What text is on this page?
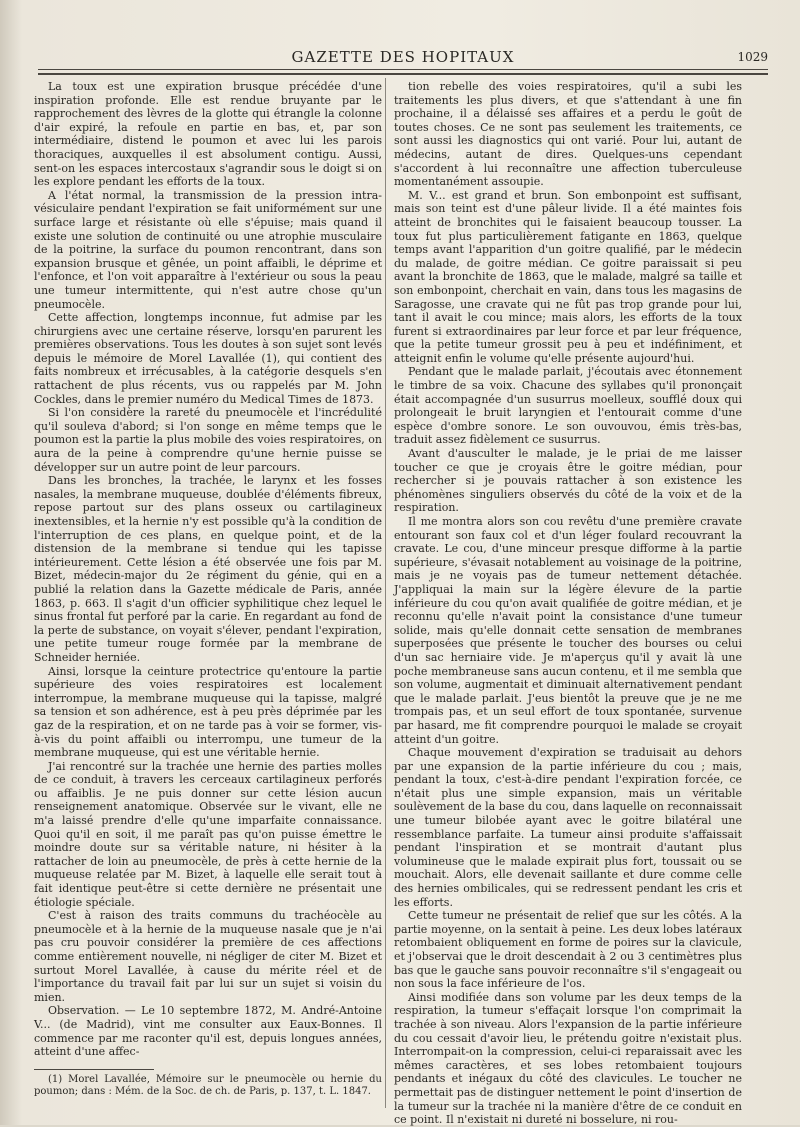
GAZETTE DES HOPITAUX	1029

La toux est une expiration brusque précédée d'une inspiration profonde. Elle est rendue bruyante par le rapprochement des lèvres de la glotte qui étrangle la colonne d'air expiré, la refoule en partie en bas, et, par son intermédiaire, distend le poumon et avec lui les parois thoraciques, auxquelles il est absolument contigu. Aussi, sent-on les espaces intercostaux s'agrandir sous le doigt si on les explore pendant les efforts de la toux.

A l'état normal, la transmission de la pression intra-vésiculaire pendant l'expiration se fait uniformément sur une surface large et résistante où elle s'épuise; mais quand il existe une solution de continuité ou une atrophie musculaire de la poitrine, la surface du poumon rencontrant, dans son expansion brusque et gênée, un point affaibli, le déprime et l'enfonce, et l'on voit apparaître à l'extérieur ou sous la peau une tumeur intermittente, qui n'est autre chose qu'un pneumocèle.

Cette affection, longtemps inconnue, fut admise par les chirurgiens avec une certaine réserve, lorsqu'en parurent les premières observations. Tous les doutes à son sujet sont levés depuis le mémoire de Morel Lavallée (1), qui contient des faits nombreux et irrécusables, à la catégorie desquels s'en rattachent de plus récents, vus ou rappelés par M. John Cockles, dans le premier numéro du Medical Times de 1873.

Si l'on considère la rareté du pneumocèle et l'incrédulité qu'il souleva d'abord; si l'on songe en même temps que le poumon est la partie la plus mobile des voies respiratoires, on aura de la peine à comprendre qu'une hernie puisse se développer sur un autre point de leur parcours.

Dans les bronches, la trachée, le larynx et les fosses nasales, la membrane muqueuse, doublée d'éléments fibreux, repose partout sur des plans osseux ou cartilagineux inextensibles, et la hernie n'y est possible qu'à la condition de l'interruption de ces plans, en quelque point, et de la distension de la membrane si tendue qui les tapisse intérieurement. Cette lésion a été observée une fois par M. Bizet, médecin-major du 2e régiment du génie, qui en a publié la relation dans la Gazette médicale de Paris, année 1863, p. 663. Il s'agit d'un officier syphilitique chez lequel le sinus frontal fut perforé par la carie. En regardant au fond de la perte de substance, on voyait s'élever, pendant l'expiration, une petite tumeur rouge formée par la membrane de Schneider herniée.

Ainsi, lorsque la ceinture protectrice qu'entoure la partie supérieure des voies respiratoires est localement interrompue, la membrane muqueuse qui la tapisse, malgré sa tension et son adhérence, est à peu près déprimée par les gaz de la respiration, et on ne tarde pas à voir se former, vis-à-vis du point affaibli ou interrompu, une tumeur de la membrane muqueuse, qui est une véritable hernie.

J'ai rencontré sur la trachée une hernie des parties molles de ce conduit, à travers les cerceaux cartilagineux perforés ou affaiblis. Je ne puis donner sur cette lésion aucun renseignement anatomique. Observée sur le vivant, elle ne m'a laissé prendre d'elle qu'une imparfaite connaissance. Quoi qu'il en soit, il me paraît pas qu'on puisse émettre le moindre doute sur sa véritable nature, ni hésiter à la rattacher de loin au pneumocèle, de près à cette hernie de la muqueuse relatée par M. Bizet, à laquelle elle serait tout à fait identique peut-être si cette dernière ne présentait une étiologie spéciale.

C'est à raison des traits communs du trachéocèle au pneumocèle et à la hernie de la muqueuse nasale que je n'ai pas cru pouvoir considérer la première de ces affections comme entièrement nouvelle, ni négliger de citer M. Bizet et surtout Morel Lavallée, à cause du mérite réel et de l'importance du travail fait par lui sur un sujet si voisin du mien.

Observation. — Le 10 septembre 1872, M. André-Antoine V... (de Madrid), vint me consulter aux Eaux-Bonnes. Il commence par me raconter qu'il est, depuis longues années, atteint d'une affec-

(1) Morel Lavallée, Mémoire sur le pneumocèle ou hernie du poumon; dans : Mém. de la Soc. de ch. de Paris, p. 137, t. L. 1847.

tion rebelle des voies respiratoires, qu'il a subi les traitements les plus divers, et que s'attendant à une fin prochaine, il a délaissé ses affaires et a perdu le goût de toutes choses. Ce ne sont pas seulement les traitements, ce sont aussi les diagnostics qui ont varié. Pour lui, autant de médecins, autant de dires. Quelques-uns cependant s'accordent à lui reconnaître une affection tuberculeuse momentanément assoupie.

M. V... est grand et brun. Son embonpoint est suffisant, mais son teint est d'une pâleur livide. Il a été maintes fois atteint de bronchites qui le faisaient beaucoup tousser. La toux fut plus particulièrement fatigante en 1863, quelque temps avant l'apparition d'un goitre qualifié, par le médecin du malade, de goitre médian. Ce goitre paraissait si peu avant la bronchite de 1863, que le malade, malgré sa taille et son embonpoint, cherchait en vain, dans tous les magasins de Saragosse, une cravate qui ne fût pas trop grande pour lui, tant il avait le cou mince; mais alors, les efforts de la toux furent si extraordinaires par leur force et par leur fréquence, que la petite tumeur grossit peu à peu et indéfiniment, et atteignit enfin le volume qu'elle présente aujourd'hui.

Pendant que le malade parlait, j'écoutais avec étonnement le timbre de sa voix. Chacune des syllabes qu'il prononçait était accompagnée d'un susurrus moelleux, soufflé doux qui prolongeait le bruit laryngien et l'entourait comme d'une espèce d'ombre sonore. Le son ouvouvou, émis très-bas, traduit assez fidèlement ce susurrus.

Avant d'ausculter le malade, je le priai de me laisser toucher ce que je croyais être le goitre médian, pour rechercher si je pouvais rattacher à son existence les phénomènes singuliers observés du côté de la voix et de la respiration.

Il me montra alors son cou revêtu d'une première cravate entourant son faux col et d'un léger foulard recouvrant la cravate. Le cou, d'une minceur presque difforme à la partie supérieure, s'évasait notablement au voisinage de la poitrine, mais je ne voyais pas de tumeur nettement détachée. J'appliquai la main sur la légère élevure de la partie inférieure du cou qu'on avait qualifiée de goitre médian, et je reconnu qu'elle n'avait point la consistance d'une tumeur solide, mais qu'elle donnait cette sensation de membranes superposées que présente le toucher des bourses ou celui d'un sac herniaire vide. Je m'aperçus qu'il y avait là une poche membraneuse sans aucun contenu, et il me sembla que son volume, augmentait et diminuait alternativement pendant que le malade parlait. J'eus bientôt la preuve que je ne me trompais pas, et un seul effort de toux spontanée, survenue par hasard, me fit comprendre pourquoi le malade se croyait atteint d'un goitre.

Chaque mouvement d'expiration se traduisait au dehors par une expansion de la partie inférieure du cou ; mais, pendant la toux, c'est-à-dire pendant l'expiration forcée, ce n'était plus une simple expansion, mais un véritable soulèvement de la base du cou, dans laquelle on reconnaissait une tumeur bilobée ayant avec le goitre bilatéral une ressemblance parfaite. La tumeur ainsi produite s'affaissait pendant l'inspiration et se montrait d'autant plus volumineuse que le malade expirait plus fort, toussait ou se mouchait. Alors, elle devenait saillante et dure comme celle des hernies ombilicales, qui se redressent pendant les cris et les efforts.

Cette tumeur ne présentait de relief que sur les côtés. A la partie moyenne, on la sentait à peine. Les deux lobes latéraux retombaient obliquement en forme de poires sur la clavicule, et j'observai que le droit descendait à 2 ou 3 centimètres plus bas que le gauche sans pouvoir reconnaître s'il s'engageait ou non sous la face inférieure de l'os.

Ainsi modifiée dans son volume par les deux temps de la respiration, la tumeur s'effaçait lorsque l'on comprimait la trachée à son niveau. Alors l'expansion de la partie inférieure du cou cessait d'avoir lieu, le prétendu goitre n'existait plus. Interrompait-on la compression, celui-ci reparaissait avec les mêmes caractères, et ses lobes retombaient toujours pendants et inégaux du côté des clavicules. Le toucher ne permettait pas de distinguer nettement le point d'insertion de la tumeur sur la trachée ni la manière d'être de ce conduit en ce point. Il n'existait ni dureté ni bosselure, ni rou-
